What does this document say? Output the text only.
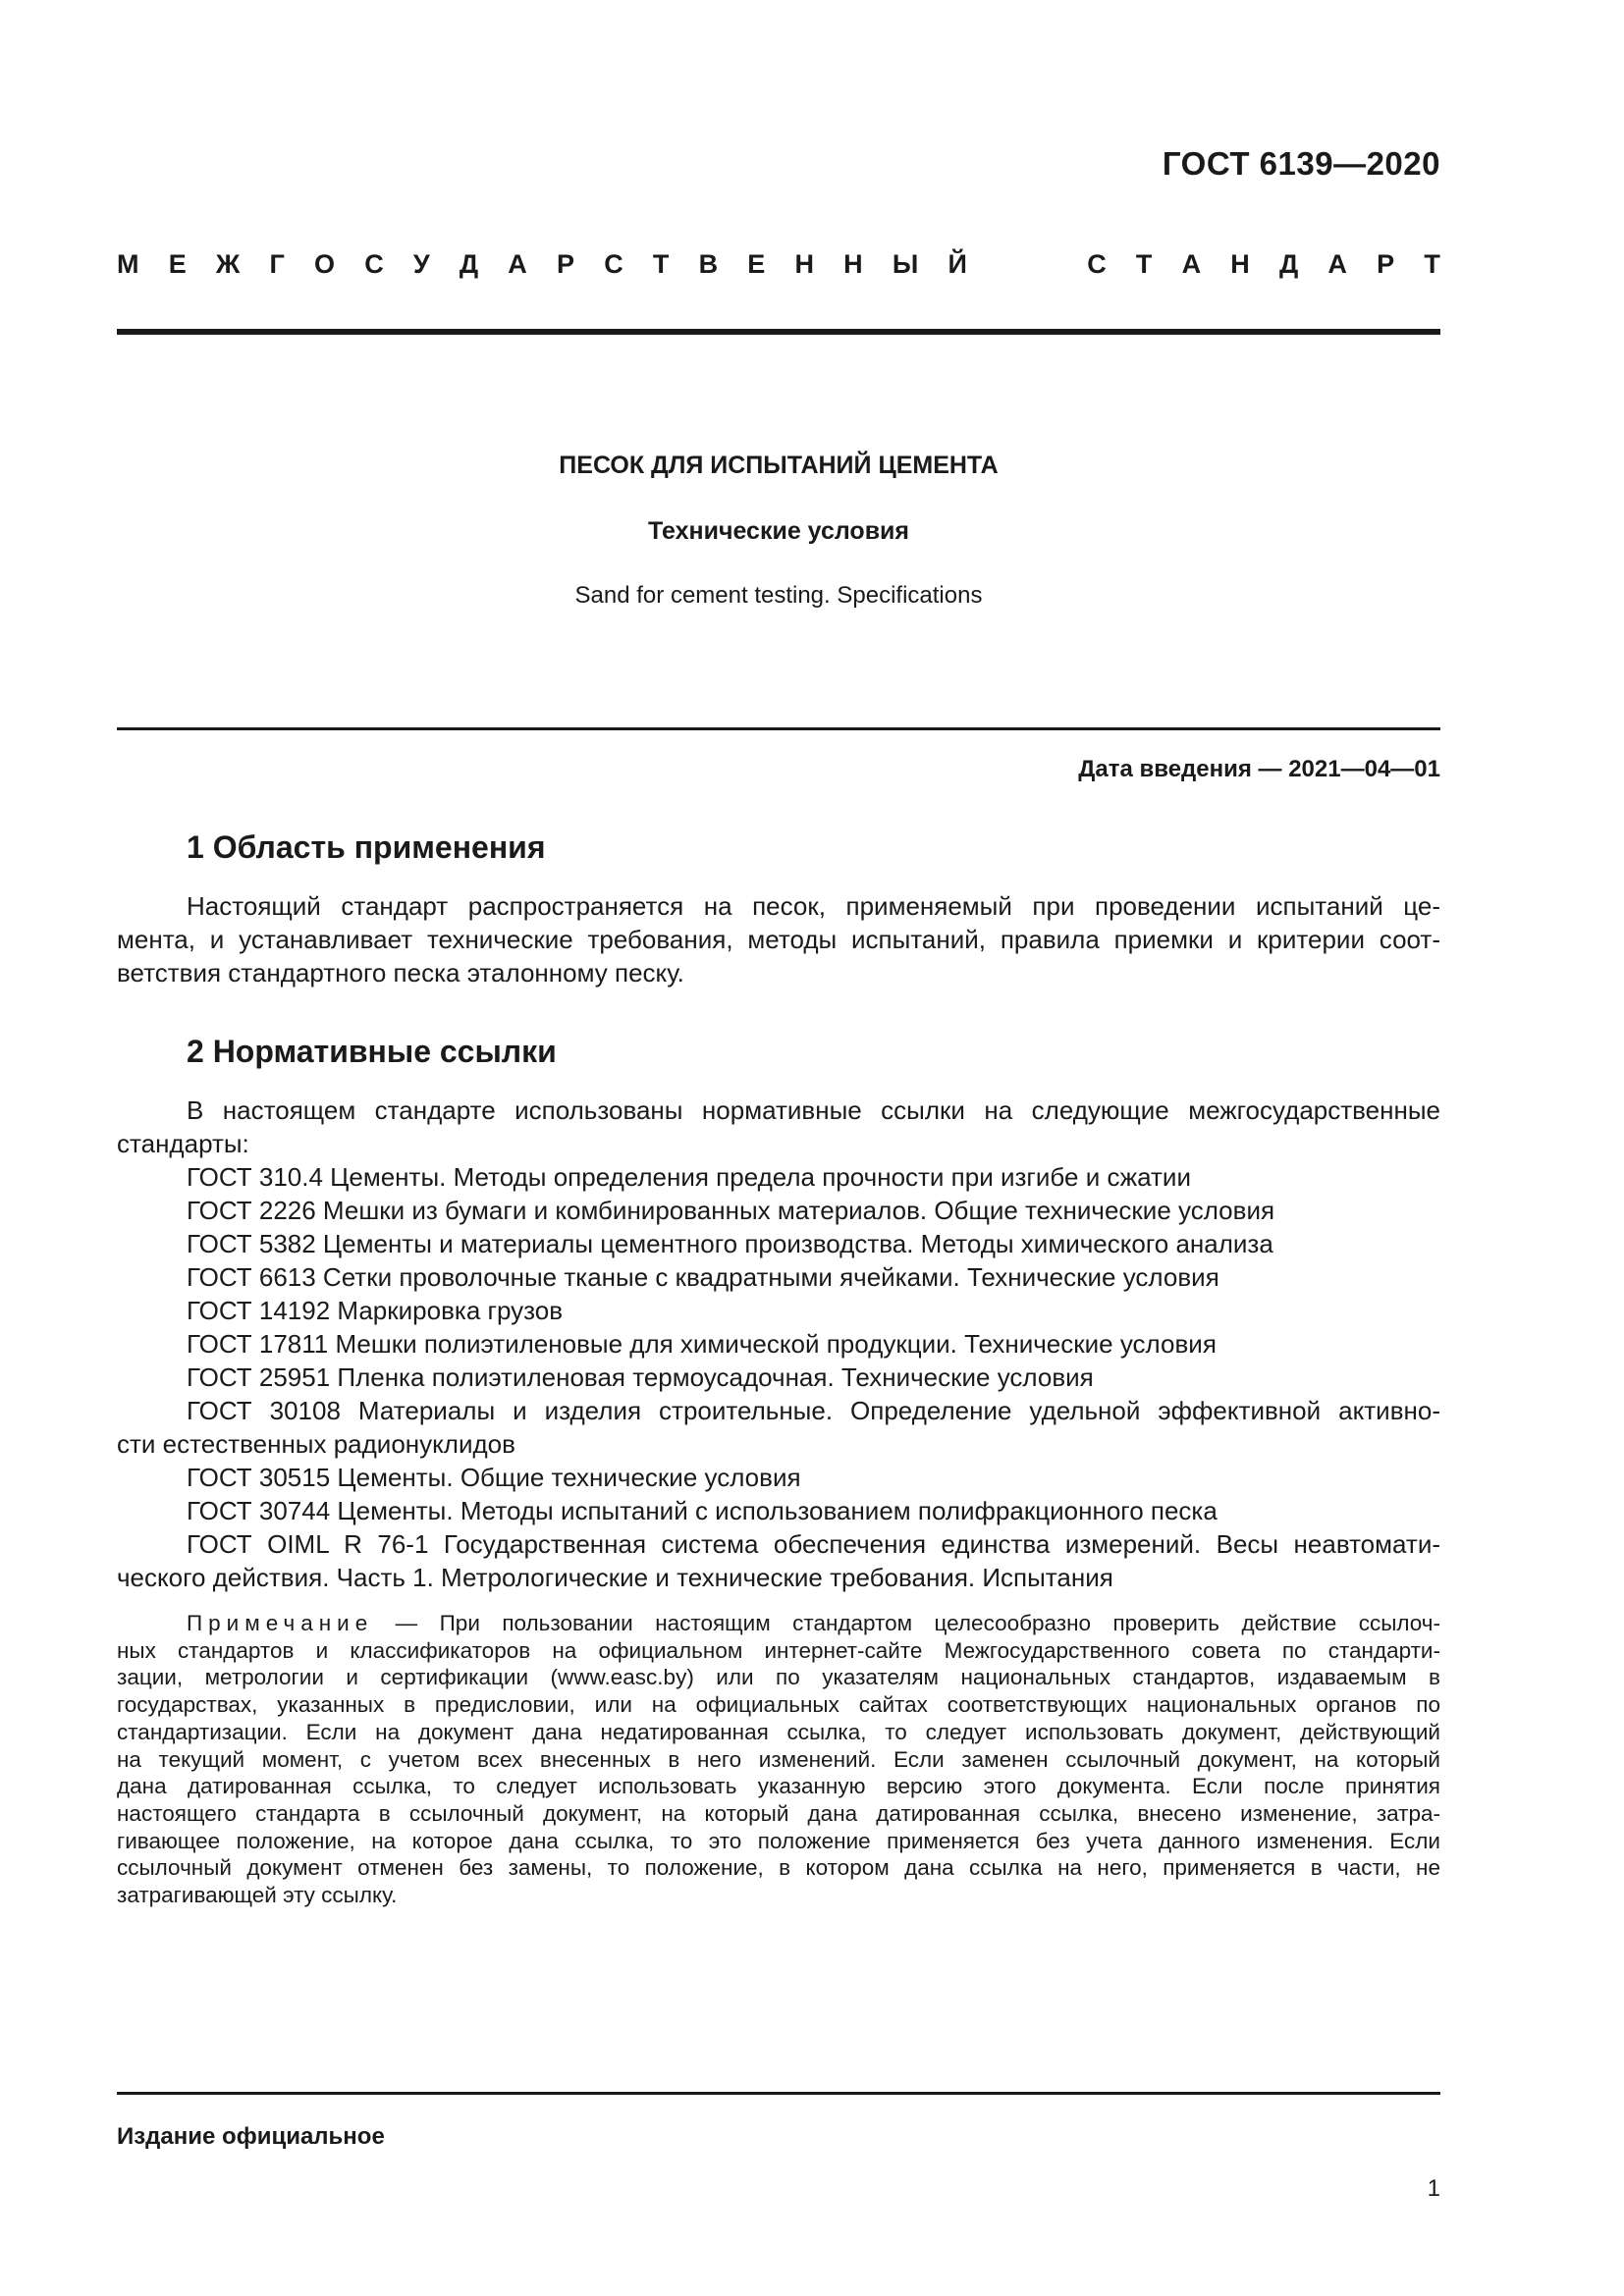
ГОСТ 6139—2020
М Е Ж Г О С У Д А Р С Т В Е Н Н Ы Й	С Т А Н Д А Р Т
ПЕСОК ДЛЯ ИСПЫТАНИЙ ЦЕМЕНТА
Технические условия
Sand for cement testing. Specifications
Дата введения — 2021—04—01
1 Область применения
Настоящий стандарт распространяется на песок, применяемый при проведении испытаний це-
мента, и устанавливает технические требования, методы испытаний, правила приемки и критерии соот-
ветствия стандартного песка эталонному песку.
2 Нормативные ссылки
В настоящем стандарте использованы нормативные ссылки на следующие межгосударственные
стандарты:
ГОСТ 310.4 Цементы. Методы определения предела прочности при изгибе и сжатии
ГОСТ 2226 Мешки из бумаги и комбинированных материалов. Общие технические условия
ГОСТ 5382 Цементы и материалы цементного производства. Методы химического анализа
ГОСТ 6613 Сетки проволочные тканые с квадратными ячейками. Технические условия
ГОСТ 14192 Маркировка грузов
ГОСТ 17811 Мешки полиэтиленовые для химической продукции. Технические условия
ГОСТ 25951 Пленка полиэтиленовая термоусадочная. Технические условия
ГОСТ 30108 Материалы и изделия строительные. Определение удельной эффективной активно-
сти естественных радионуклидов
ГОСТ 30515 Цементы. Общие технические условия
ГОСТ 30744 Цементы. Методы испытаний с использованием полифракционного песка
ГОСТ OIML R 76-1 Государственная система обеспечения единства измерений. Весы неавтомати-
ческого действия. Часть 1. Метрологические и технические требования. Испытания
Примечание — При пользовании настоящим стандартом целесообразно проверить действие ссылоч-
ных стандартов и классификаторов на официальном интернет-сайте Межгосударственного совета по стандарти-
зации, метрологии и сертификации (www.easc.by) или по указателям национальных стандартов, издаваемым в
государствах, указанных в предисловии, или на официальных сайтах соответствующих национальных органов по
стандартизации. Если на документ дана недатированная ссылка, то следует использовать документ, действующий
на текущий момент, с учетом всех внесенных в него изменений. Если заменен ссылочный документ, на который
дана датированная ссылка, то следует использовать указанную версию этого документа. Если после принятия
настоящего стандарта в ссылочный документ, на который дана датированная ссылка, внесено изменение, затра-
гивающее положение, на которое дана ссылка, то это положение применяется без учета данного изменения. Если
ссылочный документ отменен без замены, то положение, в котором дана ссылка на него, применяется в части, не
затрагивающей эту ссылку.
Издание официальное
1
